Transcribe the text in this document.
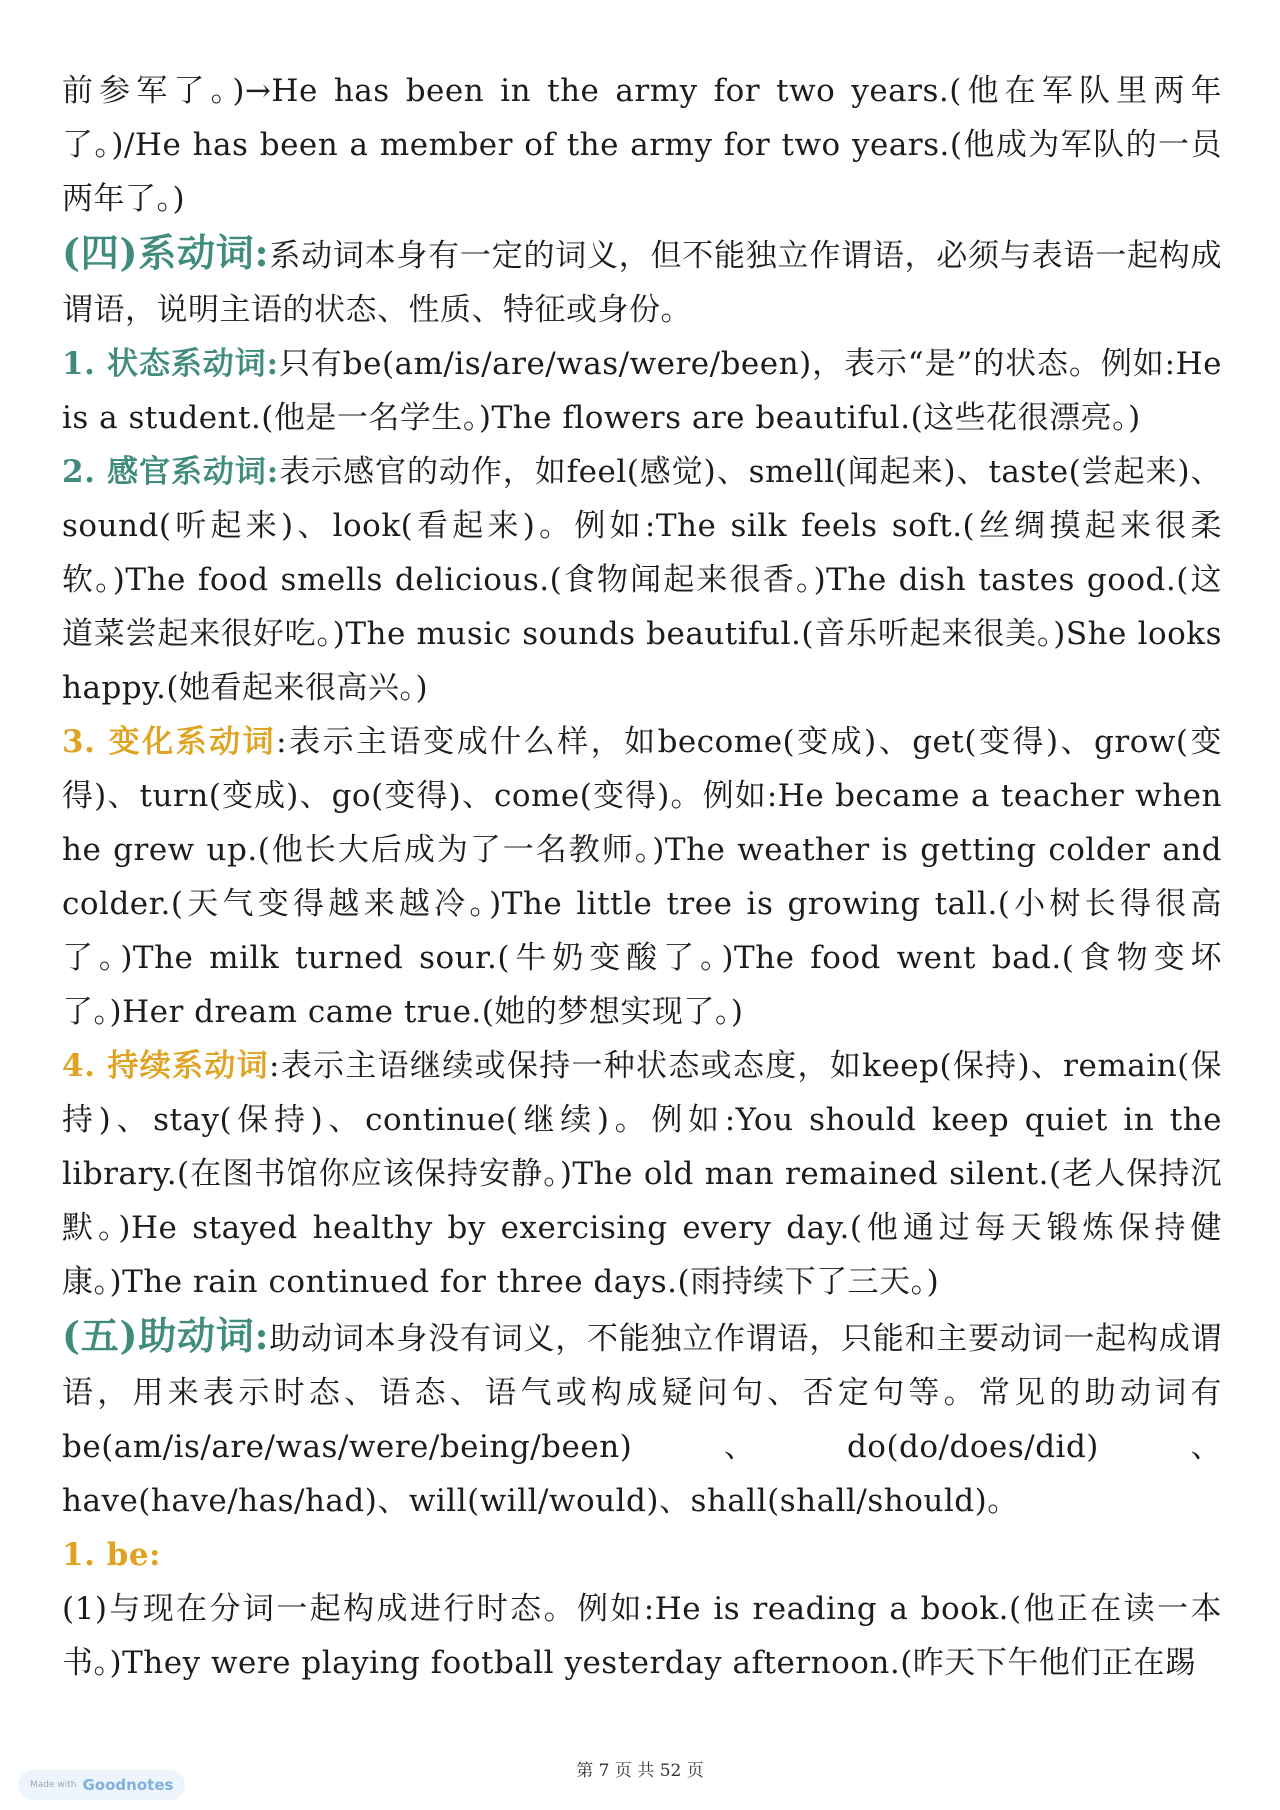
前参军了。)→He has been in the army for two years.(他在军队里两年了。)/He has been a member of the army for two years.(他成为军队的一员两年了。)

(四)系动词:系动词本身有一定的词义，但不能独立作谓语，必须与表语一起构成谓语，说明主语的状态、性质、特征或身份。

1. 状态系动词:只有be(am/is/are/was/were/been)，表示“是”的状态。例如:He is a student.(他是一名学生。)The flowers are beautiful.(这些花很漂亮。)

2. 感官系动词:表示感官的动作，如feel(感觉)、smell(闻起来)、taste(尝起来)、sound(听起来)、look(看起来)。例如:The silk feels soft.(丝绸摸起来很柔软。)The food smells delicious.(食物闻起来很香。)The dish tastes good.(这道菜尝起来很好吃。)The music sounds beautiful.(音乐听起来很美。)She looks happy.(她看起来很高兴。)

3. 变化系动词:表示主语变成什么样，如become(变成)、get(变得)、grow(变得)、turn(变成)、go(变得)、come(变得)。例如:He became a teacher when he grew up.(他长大后成为了一名教师。)The weather is getting colder and colder.(天气变得越来越冷。)The little tree is growing tall.(小树长得很高了。)The milk turned sour.(牛奶变酸了。)The food went bad.(食物变坏了。)Her dream came true.(她的梦想实现了。)

4. 持续系动词:表示主语继续或保持一种状态或态度，如keep(保持)、remain(保持)、stay(保持)、continue(继续)。例如:You should keep quiet in the library.(在图书馆你应该保持安静。)The old man remained silent.(老人保持沉默。)He stayed healthy by exercising every day.(他通过每天锻炼保持健康。)The rain continued for three days.(雨持续下了三天。)

(五)助动词:助动词本身没有词义，不能独立作谓语，只能和主要动词一起构成谓语，用来表示时态、语态、语气或构成疑问句、否定句等。常见的助动词有be(am/is/are/was/were/being/been)、do(do/does/did)、have(have/has/had)、will(will/would)、shall(shall/should)。

1. be:

(1)与现在分词一起构成进行时态。例如:He is reading a book.(他正在读一本书。)They were playing football yesterday afternoon.(昨天下午他们正在踢

第 7 页 共 52 页
Made with Goodnotes
